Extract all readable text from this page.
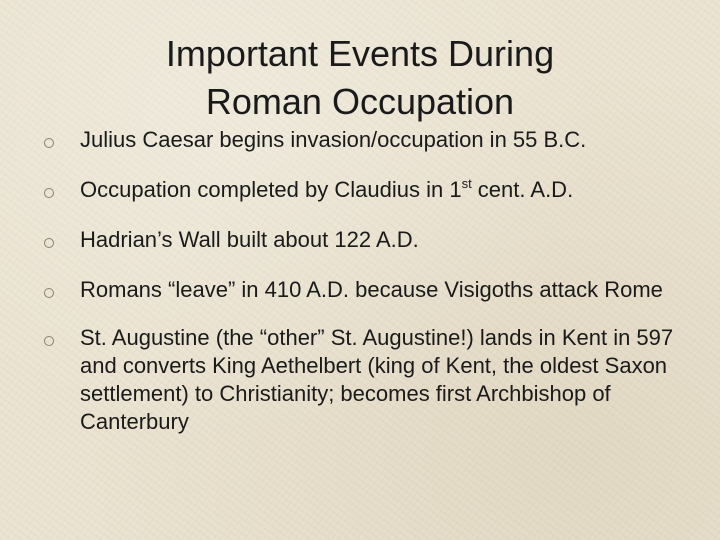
Important Events During
Roman Occupation
Julius Caesar begins invasion/occupation in 55 B.C.
Occupation completed by Claudius in 1st cent. A.D.
Hadrian’s Wall built about 122 A.D.
Romans “leave” in 410 A.D. because Visigoths attack Rome
St. Augustine (the “other” St. Augustine!) lands in Kent in 597 and converts King Aethelbert (king of Kent, the oldest Saxon settlement) to Christianity; becomes first Archbishop of Canterbury
